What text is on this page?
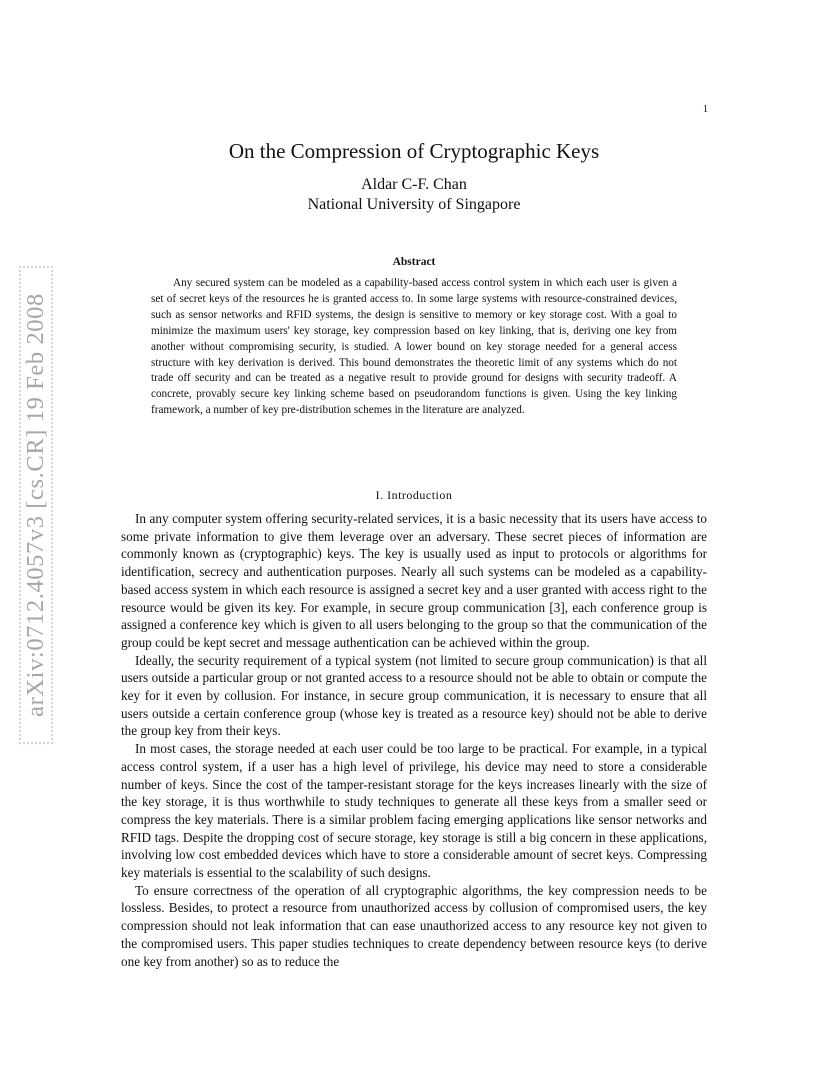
1
arXiv:0712.4057v3 [cs.CR] 19 Feb 2008
On the Compression of Cryptographic Keys
Aldar C-F. Chan
National University of Singapore
Abstract

Any secured system can be modeled as a capability-based access control system in which each user is given a set of secret keys of the resources he is granted access to. In some large systems with resource-constrained devices, such as sensor networks and RFID systems, the design is sensitive to memory or key storage cost. With a goal to minimize the maximum users' key storage, key compression based on key linking, that is, deriving one key from another without compromising security, is studied. A lower bound on key storage needed for a general access structure with key derivation is derived. This bound demonstrates the theoretic limit of any systems which do not trade off security and can be treated as a negative result to provide ground for designs with security tradeoff. A concrete, provably secure key linking scheme based on pseudorandom functions is given. Using the key linking framework, a number of key pre-distribution schemes in the literature are analyzed.

I. Introduction

In any computer system offering security-related services, it is a basic necessity that its users have access to some private information to give them leverage over an adversary. These secret pieces of information are commonly known as (cryptographic) keys. The key is usually used as input to protocols or algorithms for identification, secrecy and authentication purposes. Nearly all such systems can be modeled as a capability-based access system in which each resource is assigned a secret key and a user granted with access right to the resource would be given its key. For example, in secure group communication [3], each conference group is assigned a conference key which is given to all users belonging to the group so that the communication of the group could be kept secret and message authentication can be achieved within the group.

Ideally, the security requirement of a typical system (not limited to secure group communication) is that all users outside a particular group or not granted access to a resource should not be able to obtain or compute the key for it even by collusion. For instance, in secure group communication, it is necessary to ensure that all users outside a certain conference group (whose key is treated as a resource key) should not be able to derive the group key from their keys.

In most cases, the storage needed at each user could be too large to be practical. For example, in a typical access control system, if a user has a high level of privilege, his device may need to store a considerable number of keys. Since the cost of the tamper-resistant storage for the keys increases linearly with the size of the key storage, it is thus worthwhile to study techniques to generate all these keys from a smaller seed or compress the key materials. There is a similar problem facing emerging applications like sensor networks and RFID tags. Despite the dropping cost of secure storage, key storage is still a big concern in these applications, involving low cost embedded devices which have to store a considerable amount of secret keys. Compressing key materials is essential to the scalability of such designs.

To ensure correctness of the operation of all cryptographic algorithms, the key compression needs to be lossless. Besides, to protect a resource from unauthorized access by collusion of compromised users, the key compression should not leak information that can ease unauthorized access to any resource key not given to the compromised users. This paper studies techniques to create dependency between resource keys (to derive one key from another) so as to reduce the
